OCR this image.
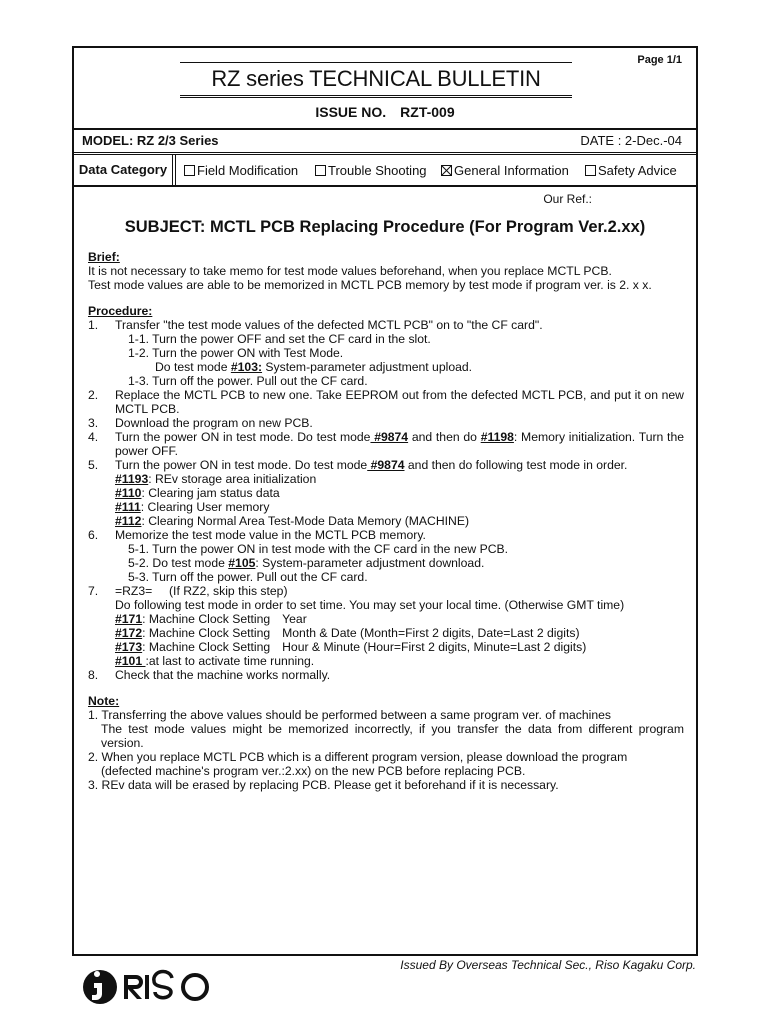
Page 1/1
RZ series TECHNICAL BULLETIN
ISSUE NO. RZT-009
MODEL: RZ 2/3 Series	DATE : 2-Dec.-04
Data Category	Field Modification Trouble Shooting General Information Safety Advice
Our Ref.:
SUBJECT: MCTL PCB Replacing Procedure (For Program Ver.2.xx)
Brief:
It is not necessary to take memo for test mode values beforehand, when you replace MCTL PCB.
Test mode values are able to be memorized in MCTL PCB memory by test mode if program ver. is 2. x x.
Procedure:
1.	Transfer "the test mode values of the defected MCTL PCB" on to "the CF card".
1-1. Turn the power OFF and set the CF card in the slot.
1-2. Turn the power ON with Test Mode.
Do test mode #103: System-parameter adjustment upload.
1-3. Turn off the power. Pull out the CF card.
2.	Replace the MCTL PCB to new one. Take EEPROM out from the defected MCTL PCB, and put it on new MCTL PCB.
3.	Download the program on new PCB.
4.	Turn the power ON in test mode. Do test mode #9874 and then do #1198: Memory initialization. Turn the power OFF.
5.	Turn the power ON in test mode. Do test mode #9874 and then do following test mode in order.
#1193: REv storage area initialization
#110: Clearing jam status data
#111: Clearing User memory
#112: Clearing Normal Area Test-Mode Data Memory (MACHINE)
6.	Memorize the test mode value in the MCTL PCB memory.
5-1. Turn the power ON in test mode with the CF card in the new PCB.
5-2. Do test mode #105: System-parameter adjustment download.
5-3. Turn off the power. Pull out the CF card.
7.	=RZ3= (If RZ2, skip this step)
Do following test mode in order to set time. You may set your local time. (Otherwise GMT time)
#171: Machine Clock Setting Year
#172: Machine Clock Setting Month & Date (Month=First 2 digits, Date=Last 2 digits)
#173: Machine Clock Setting Hour & Minute (Hour=First 2 digits, Minute=Last 2 digits)
#101 :at last to activate time running.
8.	Check that the machine works normally.
Note:
1. Transferring the above values should be performed between a same program ver. of machines
The test mode values might be memorized incorrectly, if you transfer the data from different program version.
2. When you replace MCTL PCB which is a different program version, please download the program
(defected machine's program ver.:2.xx) on the new PCB before replacing PCB.
3. REv data will be erased by replacing PCB. Please get it beforehand if it is necessary.
Issued By Overseas Technical Sec., Riso Kagaku Corp.
